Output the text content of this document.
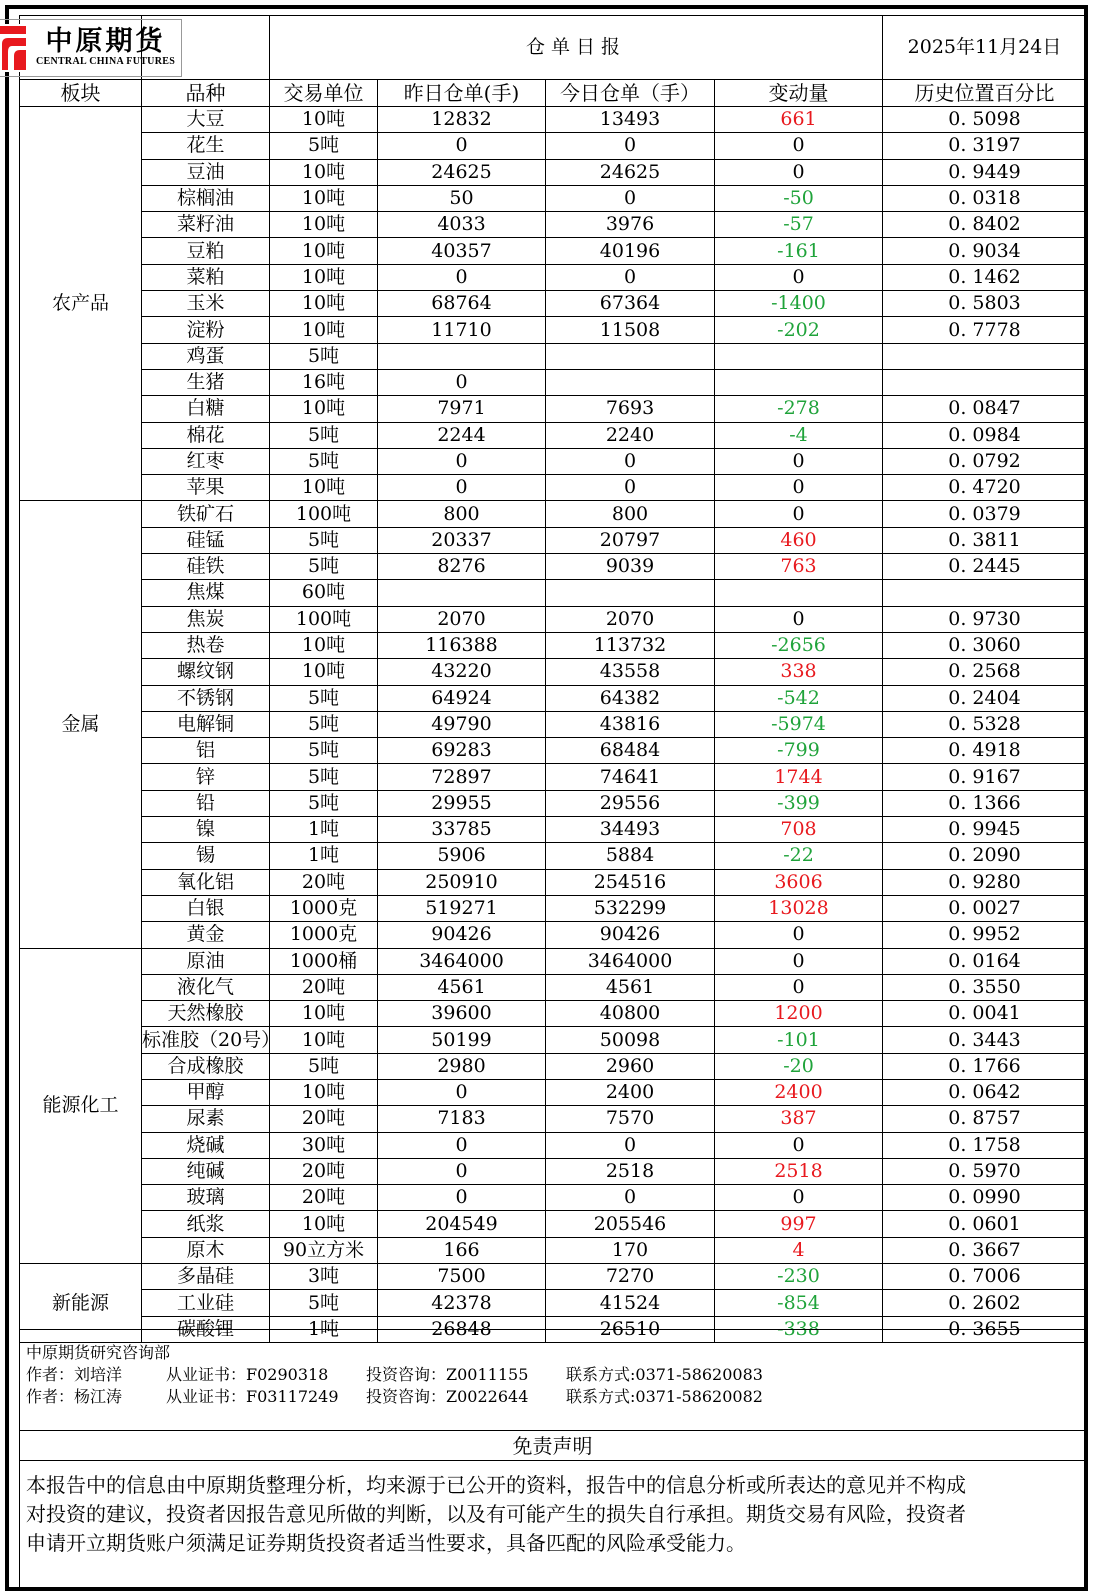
中原期货
CENTRAL CHINA FUTURES		仓单日报				2025年11月24日
板块	品种	交易单位	昨日仓单(手)	今日仓单（手）	变动量	历史位置百分比
农产品	大豆	10吨	12832	13493	661	0. 5098
	花生	5吨	0	0	0	0. 3197
	豆油	10吨	24625	24625	0	0. 9449
	棕榈油	10吨	50	0	-50	0. 0318
	菜籽油	10吨	4033	3976	-57	0. 8402
	豆粕	10吨	40357	40196	-161	0. 9034
	菜粕	10吨	0	0	0	0. 1462
	玉米	10吨	68764	67364	-1400	0. 5803
	淀粉	10吨	11710	11508	-202	0. 7778
	鸡蛋	5吨				
	生猪	16吨	0			
	白糖	10吨	7971	7693	-278	0. 0847
	棉花	5吨	2244	2240	-4	0. 0984
	红枣	5吨	0	0	0	0. 0792
	苹果	10吨	0	0	0	0. 4720
金属	铁矿石	100吨	800	800	0	0. 0379
	硅锰	5吨	20337	20797	460	0. 3811
	硅铁	5吨	8276	9039	763	0. 2445
	焦煤	60吨				
	焦炭	100吨	2070	2070	0	0. 9730
	热卷	10吨	116388	113732	-2656	0. 3060
	螺纹钢	10吨	43220	43558	338	0. 2568
	不锈钢	5吨	64924	64382	-542	0. 2404
	电解铜	5吨	49790	43816	-5974	0. 5328
	铝	5吨	69283	68484	-799	0. 4918
	锌	5吨	72897	74641	1744	0. 9167
	铅	5吨	29955	29556	-399	0. 1366
	镍	1吨	33785	34493	708	0. 9945
	锡	1吨	5906	5884	-22	0. 2090
	氧化铝	20吨	250910	254516	3606	0. 9280
	白银	1000克	519271	532299	13028	0. 0027
	黄金	1000克	90426	90426	0	0. 9952
能源化工	原油	1000桶	3464000	3464000	0	0. 0164
	液化气	20吨	4561	4561	0	0. 3550
	天然橡胶	10吨	39600	40800	1200	0. 0041
	标准胶（20号）	10吨	50199	50098	-101	0. 3443
	合成橡胶	5吨	2980	2960	-20	0. 1766
	甲醇	10吨	0	2400	2400	0. 0642
	尿素	20吨	7183	7570	387	0. 8757
	烧碱	30吨	0	0	0	0. 1758
	纯碱	20吨	0	2518	2518	0. 5970
	玻璃	20吨	0	0	0	0. 0990
	纸浆	10吨	204549	205546	997	0. 0601
	原木	90立方米	166	170	4	0. 3667
新能源	多晶硅	3吨	7500	7270	-230	0. 7006
	工业硅	5吨	42378	41524	-854	0. 2602
	碳酸锂	1吨	26848	26510	-338	0. 3655
中原期货研究咨询部
作者：刘培洋	从业证书：F0290318	投资咨询：Z0011155	联系方式:0371-58620083
作者：杨江涛	从业证书：F03117249	投资咨询：Z0022644	联系方式:0371-58620082
免责声明
本报告中的信息由中原期货整理分析，均来源于已公开的资料，报告中的信息分析或所表达的意见并不构成
对投资的建议，投资者因报告意见所做的判断，以及有可能产生的损失自行承担。期货交易有风险，投资者
申请开立期货账户须满足证券期货投资者适当性要求，具备匹配的风险承受能力。
